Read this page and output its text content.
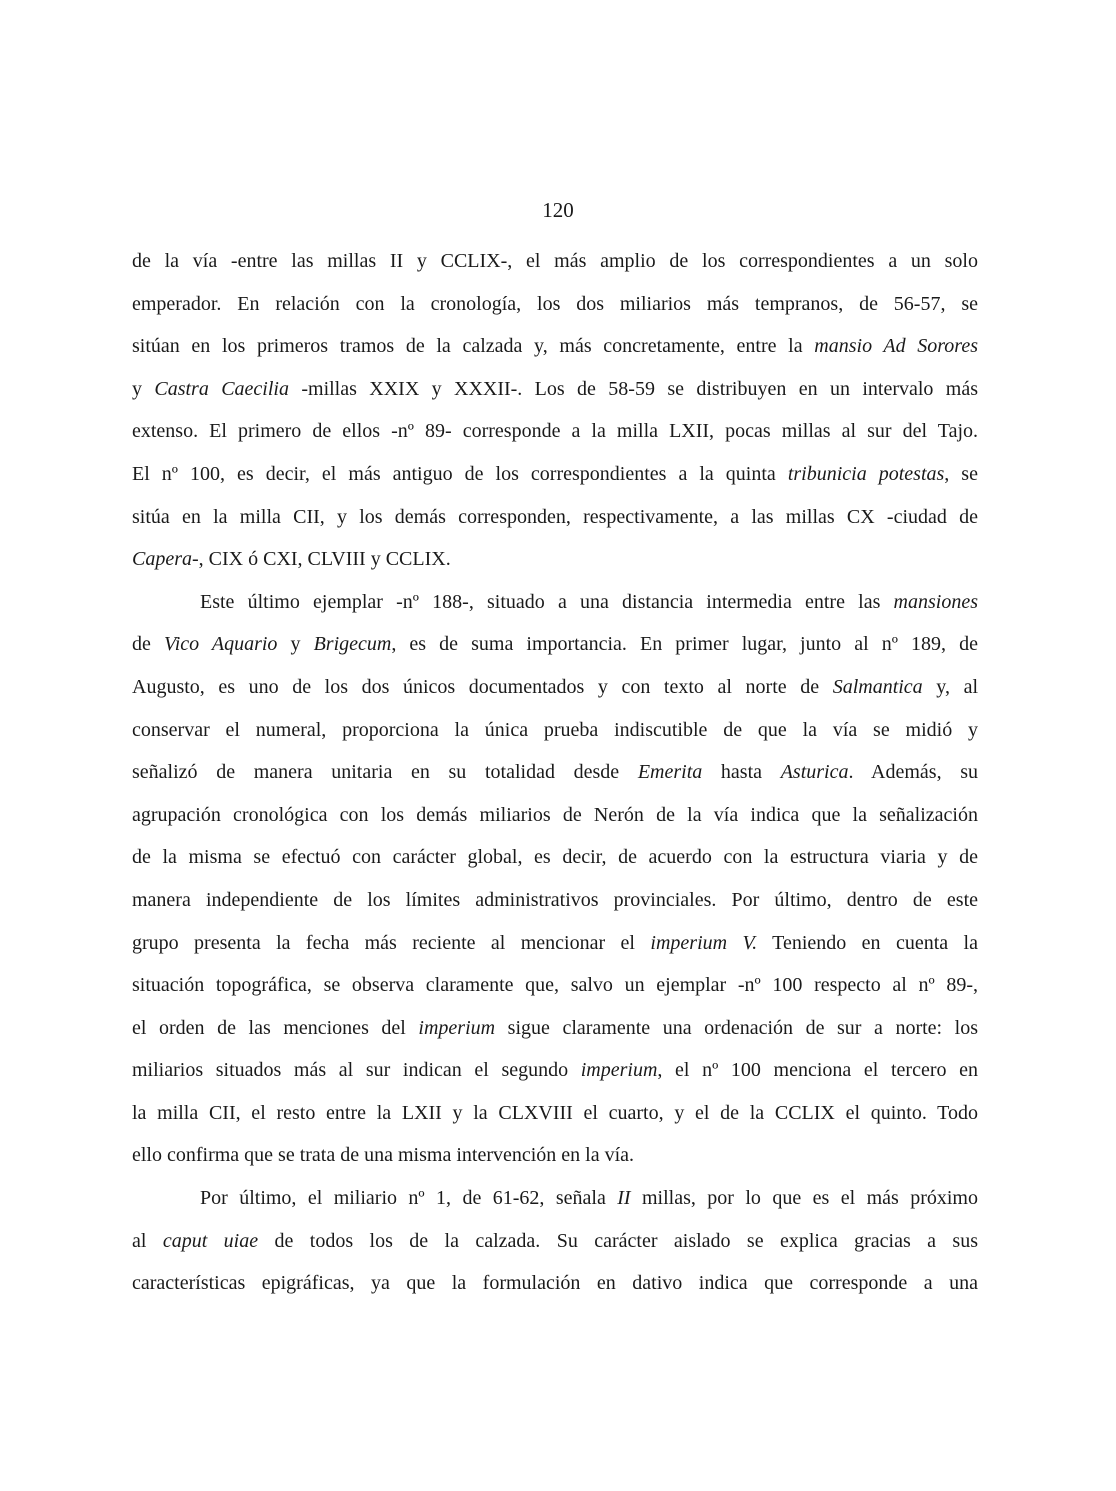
120
de la vía -entre las millas II y CCLIX-, el más amplio de los correspondientes a un solo
emperador. En relación con la cronología, los dos miliarios más tempranos, de 56-57, se
sitúan en los primeros tramos de la calzada y, más concretamente, entre la mansio Ad Sorores
y Castra Caecilia -millas XXIX y XXXII-. Los de 58-59 se distribuyen en un intervalo más
extenso. El primero de ellos -nº 89- corresponde a la milla LXII, pocas millas al sur del Tajo.
El nº 100, es decir, el más antiguo de los correspondientes a la quinta tribunicia potestas, se
sitúa en la milla CII, y los demás corresponden, respectivamente, a las millas CX -ciudad de
Capera-, CIX ó CXI, CLVIII y CCLIX.
Este último ejemplar -nº 188-, situado a una distancia intermedia entre las mansiones
de Vico Aquario y Brigecum, es de suma importancia. En primer lugar, junto al nº 189, de
Augusto, es uno de los dos únicos documentados y con texto al norte de Salmantica y, al
conservar el numeral, proporciona la única prueba indiscutible de que la vía se midió y
señalizó de manera unitaria en su totalidad desde Emerita hasta Asturica. Además, su
agrupación cronológica con los demás miliarios de Nerón de la vía indica que la señalización
de la misma se efectuó con carácter global, es decir, de acuerdo con la estructura viaria y de
manera independiente de los límites administrativos provinciales. Por último, dentro de este
grupo presenta la fecha más reciente al mencionar el imperium V. Teniendo en cuenta la
situación topográfica, se observa claramente que, salvo un ejemplar -nº 100 respecto al nº 89-,
el orden de las menciones del imperium sigue claramente una ordenación de sur a norte: los
miliarios situados más al sur indican el segundo imperium, el nº 100 menciona el tercero en
la milla CII, el resto entre la LXII y la CLXVIII el cuarto, y el de la CCLIX el quinto. Todo
ello confirma que se trata de una misma intervención en la vía.
Por último, el miliario nº 1, de 61-62, señala II millas, por lo que es el más próximo
al caput uiae de todos los de la calzada. Su carácter aislado se explica gracias a sus
características epigráficas, ya que la formulación en dativo indica que corresponde a una
